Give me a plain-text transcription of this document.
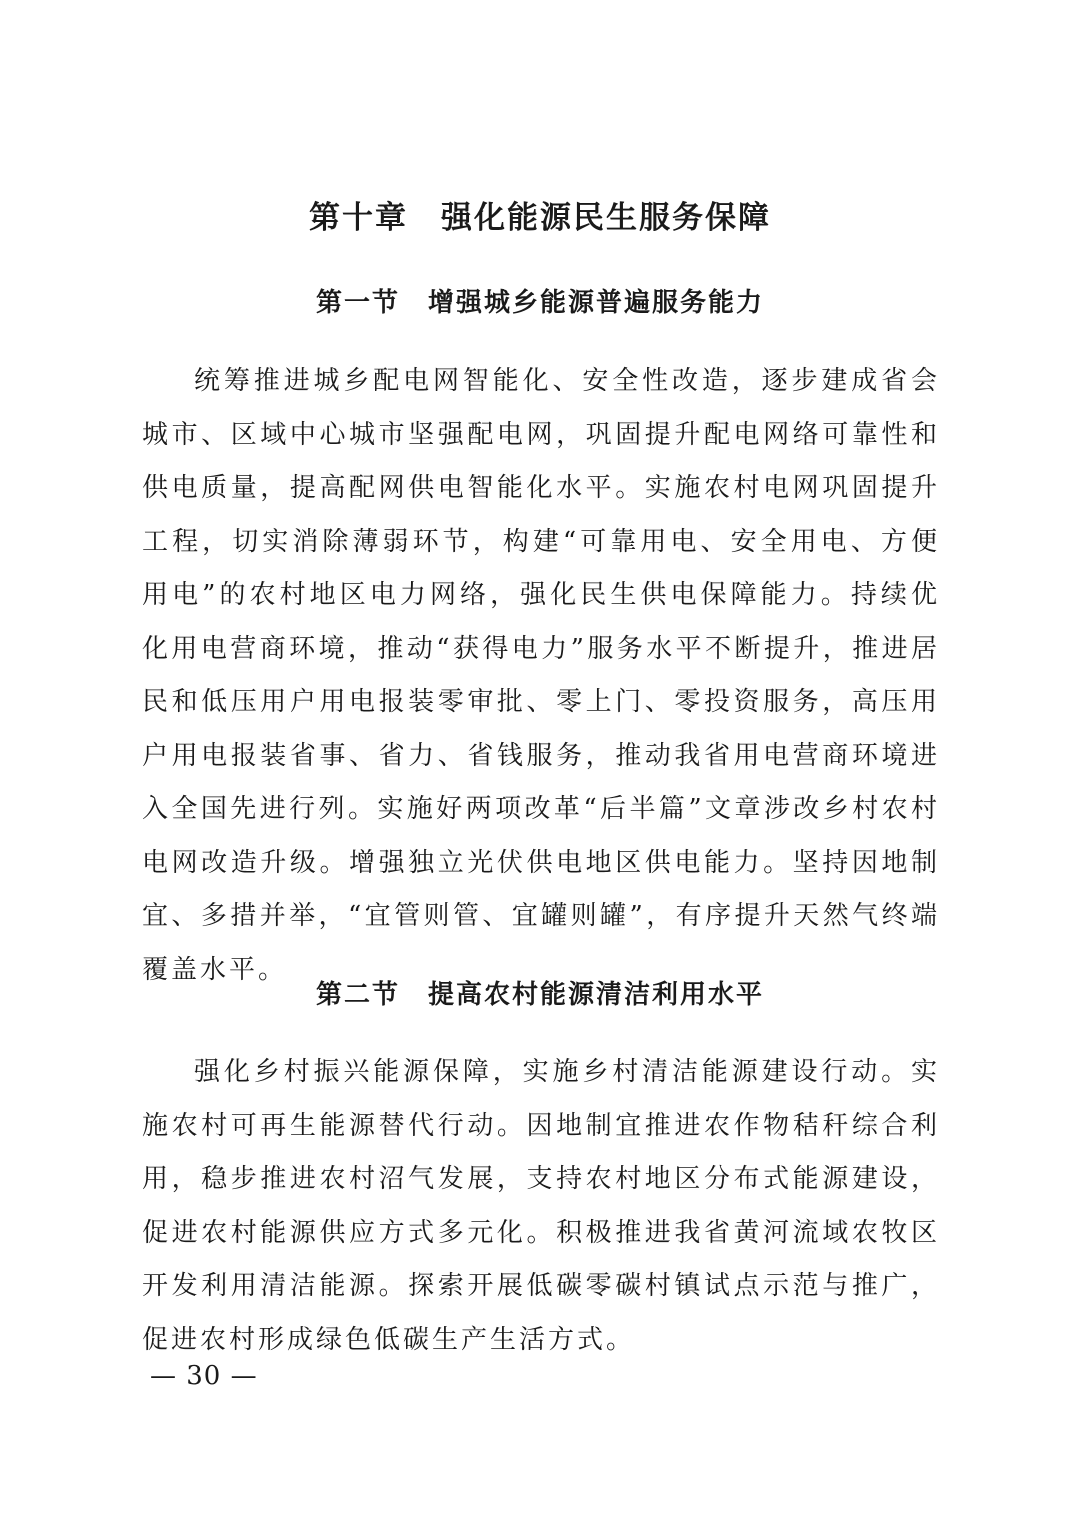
第十章　强化能源民生服务保障
第一节　增强城乡能源普遍服务能力

统筹推进城乡配电网智能化、安全性改造，逐步建成省会城市、区域中心城市坚强配电网，巩固提升配电网络可靠性和供电质量，提高配网供电智能化水平。实施农村电网巩固提升工程，切实消除薄弱环节，构建“可靠用电、安全用电、方便用电”的农村地区电力网络，强化民生供电保障能力。持续优化用电营商环境，推动“获得电力”服务水平不断提升，推进居民和低压用户用电报装零审批、零上门、零投资服务，高压用户用电报装省事、省力、省钱服务，推动我省用电营商环境进入全国先进行列。实施好两项改革“后半篇”文章涉改乡村农村电网改造升级。增强独立光伏供电地区供电能力。坚持因地制宜、多措并举，“宜管则管、宜罐则罐”，有序提升天然气终端覆盖水平。

第二节　提高农村能源清洁利用水平

强化乡村振兴能源保障，实施乡村清洁能源建设行动。实施农村可再生能源替代行动。因地制宜推进农作物秸秆综合利用，稳步推进农村沼气发展，支持农村地区分布式能源建设，促进农村能源供应方式多元化。积极推进我省黄河流域农牧区开发利用清洁能源。探索开展低碳零碳村镇试点示范与推广，促进农村形成绿色低碳生产生活方式。

— 30 —
